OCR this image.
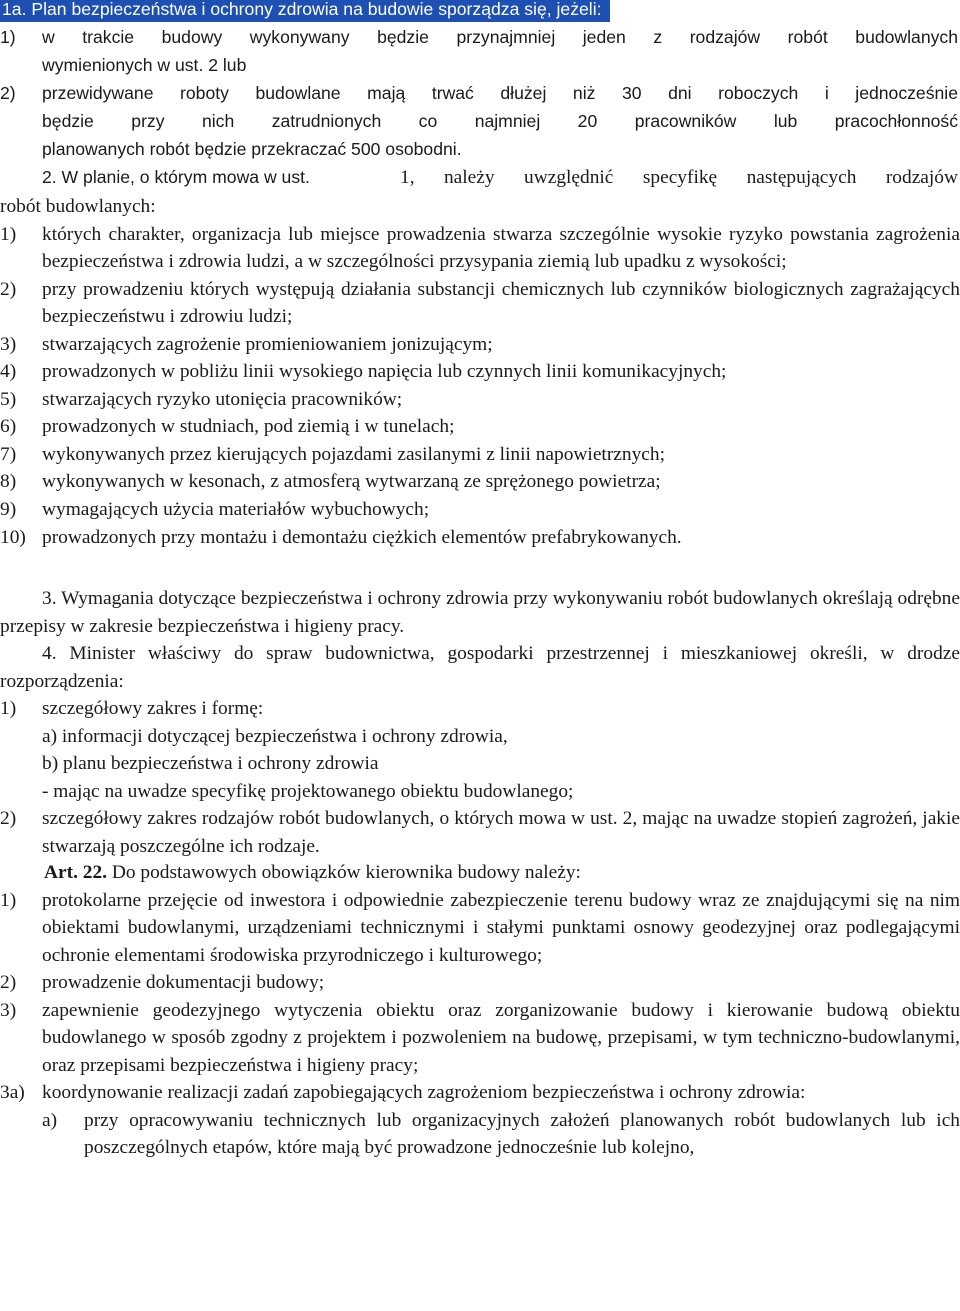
1a. Plan bezpieczeństwa i ochrony zdrowia na budowie sporządza się, jeżeli:
1) w trakcie budowy wykonywany będzie przynajmniej jeden z rodzajów robót budowlanych
wymienionych w ust. 2 lub
2) przewidywane roboty budowlane mają trwać dłużej niż 30 dni roboczych i jednocześnie
będzie przy nich zatrudnionych co najmniej 20 pracowników lub pracochłonność
planowanych robót będzie przekraczać 500 osobodni.
2. W planie, o którym mowa w ust.	1, należy uwzględnić specyfikę następujących rodzajów
robót budowlanych:
1) których charakter, organizacja lub miejsce prowadzenia stwarza szczególnie wysokie ryzyko powstania zagrożenia bezpieczeństwa i zdrowia ludzi, a w szczególności przysypania ziemią lub upadku z wysokości;
2) przy prowadzeniu których występują działania substancji chemicznych lub czynników biologicznych zagrażających bezpieczeństwu i zdrowiu ludzi;
3) stwarzających zagrożenie promieniowaniem jonizującym;
4) prowadzonych w pobliżu linii wysokiego napięcia lub czynnych linii komunikacyjnych;
5) stwarzających ryzyko utonięcia pracowników;
6) prowadzonych w studniach, pod ziemią i w tunelach;
7) wykonywanych przez kierujących pojazdami zasilanymi z linii napowietrznych;
8) wykonywanych w kesonach, z atmosferą wytwarzaną ze sprężonego powietrza;
9) wymagających użycia materiałów wybuchowych;
10) prowadzonych przy montażu i demontażu ciężkich elementów prefabrykowanych.
3. Wymagania dotyczące bezpieczeństwa i ochrony zdrowia przy wykonywaniu robót budowlanych określają odrębne przepisy w zakresie bezpieczeństwa i higieny pracy.
4. Minister właściwy do spraw budownictwa, gospodarki przestrzennej i mieszkaniowej określi, w drodze rozporządzenia:
1) szczegółowy zakres i formę:
a) informacji dotyczącej bezpieczeństwa i ochrony zdrowia,
b) planu bezpieczeństwa i ochrony zdrowia
- mając na uwadze specyfikę projektowanego obiektu budowlanego;
2) szczegółowy zakres rodzajów robót budowlanych, o których mowa w ust. 2, mając na uwadze stopień zagrożeń, jakie stwarzają poszczególne ich rodzaje.
Art. 22. Do podstawowych obowiązków kierownika budowy należy:
1) protokolarne przejęcie od inwestora i odpowiednie zabezpieczenie terenu budowy wraz ze znajdującymi się na nim obiektami budowlanymi, urządzeniami technicznymi i stałymi punktami osnowy geodezyjnej oraz podlegającymi ochronie elementami środowiska przyrodniczego i kulturowego;
2) prowadzenie dokumentacji budowy;
3) zapewnienie geodezyjnego wytyczenia obiektu oraz zorganizowanie budowy i kierowanie budową obiektu budowlanego w sposób zgodny z projektem i pozwoleniem na budowę, przepisami, w tym techniczno-budowlanymi, oraz przepisami bezpieczeństwa i higieny pracy;
3a) koordynowanie realizacji zadań zapobiegających zagrożeniom bezpieczeństwa i ochrony zdrowia:
a) przy opracowywaniu technicznych lub organizacyjnych założeń planowanych robót budowlanych lub ich poszczególnych etapów, które mają być prowadzone jednocześnie lub kolejno,
